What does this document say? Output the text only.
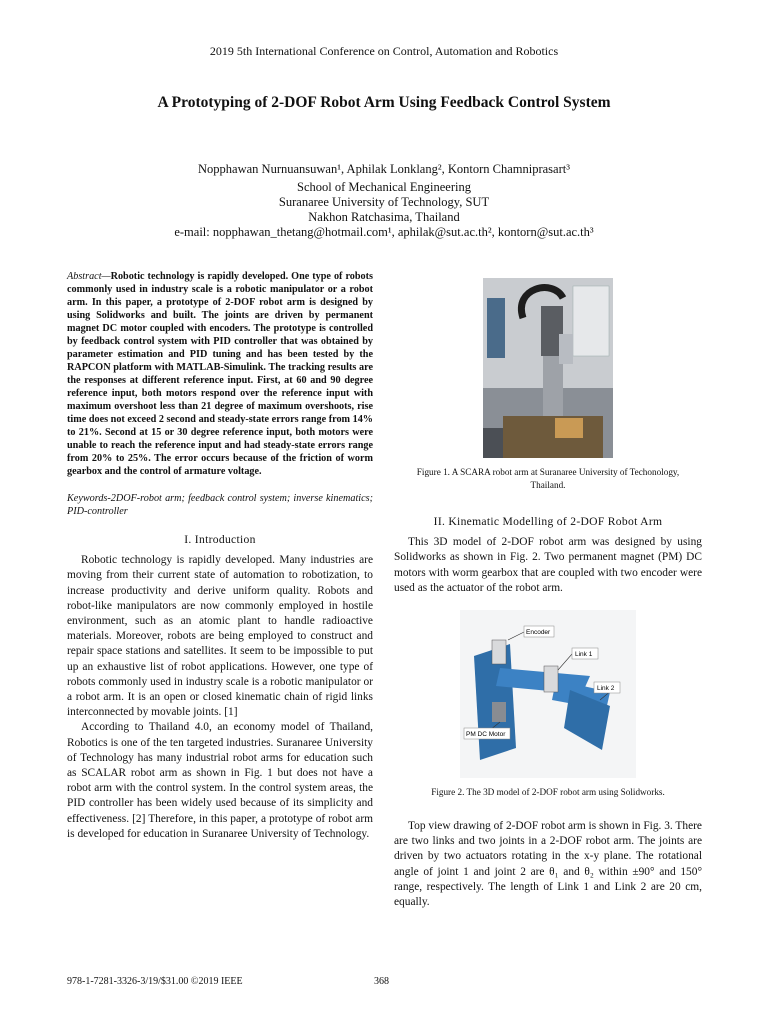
2019 5th International Conference on Control, Automation and Robotics
A Prototyping of 2-DOF Robot Arm Using Feedback Control System
Nopphawan Nurnuansuwan¹, Aphilak Lonklang², Kontorn Chamniprasart³
School of Mechanical Engineering
Suranaree University of Technology, SUT
Nakhon Ratchasima, Thailand
e-mail: nopphawan_thetang@hotmail.com¹, aphilak@sut.ac.th², kontorn@sut.ac.th³
Abstract—Robotic technology is rapidly developed. One type of robots commonly used in industry scale is a robotic manipulator or a robot arm. In this paper, a prototype of 2-DOF robot arm is designed by using Solidworks and built. The joints are driven by permanent magnet DC motor coupled with encoders. The prototype is controlled by feedback control system with PID controller that was obtained by parameter estimation and PID tuning and has been tested by the RAPCON platform with MATLAB-Simulink. The tracking results are the responses at different reference input. First, at 60 and 90 degree reference input, both motors respond over the reference input with maximum overshoot less than 21 degree of maximum overshoots, rise time does not exceed 2 second and steady-state errors range from 14% to 21%. Second at 15 or 30 degree reference input, both motors were unable to reach the reference input and had steady-state errors range from 20% to 25%. The error occurs because of the friction of worm gearbox and the control of armature voltage.
Keywords-2DOF-robot arm; feedback control system; inverse kinematics; PID-controller
I. Introduction

Robotic technology is rapidly developed. Many industries are moving from their current state of automation to robotization, to increase productivity and derive uniform quality. Robots and robot-like manipulators are now commonly employed in hostile environment, such as an atomic plant to handle radioactive materials. Moreover, robots are being employed to construct and repair space stations and satellites. It seem to be impossible to put up an exhaustive list of robot applications. However, one type of robots commonly used in industry scale is a robotic manipulator or a robot arm. It is an open or closed kinematic chain of rigid links interconnected by movable joints. [1]

According to Thailand 4.0, an economy model of Thailand, Robotics is one of the ten targeted industries. Suranaree University of Technology has many industrial robot arms for education such as SCALAR robot arm as shown in Fig. 1 but does not have a robot arm with the control system. In the control system areas, the PID controller has been widely used because of its simplicity and effectiveness. [2] Therefore, in this paper, a prototype of robot arm is developed for education in Suranaree University of Technology.

Figure 1. A SCARA robot arm at Suranaree University of Techonology, Thailand.
II. Kinematic Modelling of 2-DOF Robot Arm

This 3D model of 2-DOF robot arm was designed by using Solidworks as shown in Fig. 2. Two permanent magnet (PM) DC motors with worm gearbox that are coupled with two encoder were used as the actuator of the robot arm.

Encoder
Link 1
Link 2
PM DC Motor
Figure 2. The 3D model of 2-DOF robot arm using Solidworks.

Top view drawing of 2-DOF robot arm is shown in Fig. 3. There are two links and two joints in a 2-DOF robot arm. The joints are driven by two actuators rotating in the x-y plane. The rotational angle of joint 1 and joint 2 are θ₁ and θ₂ within ±90° and 150° range, respectively. The length of Link 1 and Link 2 are 20 cm, equally.

978-1-7281-3326-3/19/$31.00 ©2019 IEEE	368
